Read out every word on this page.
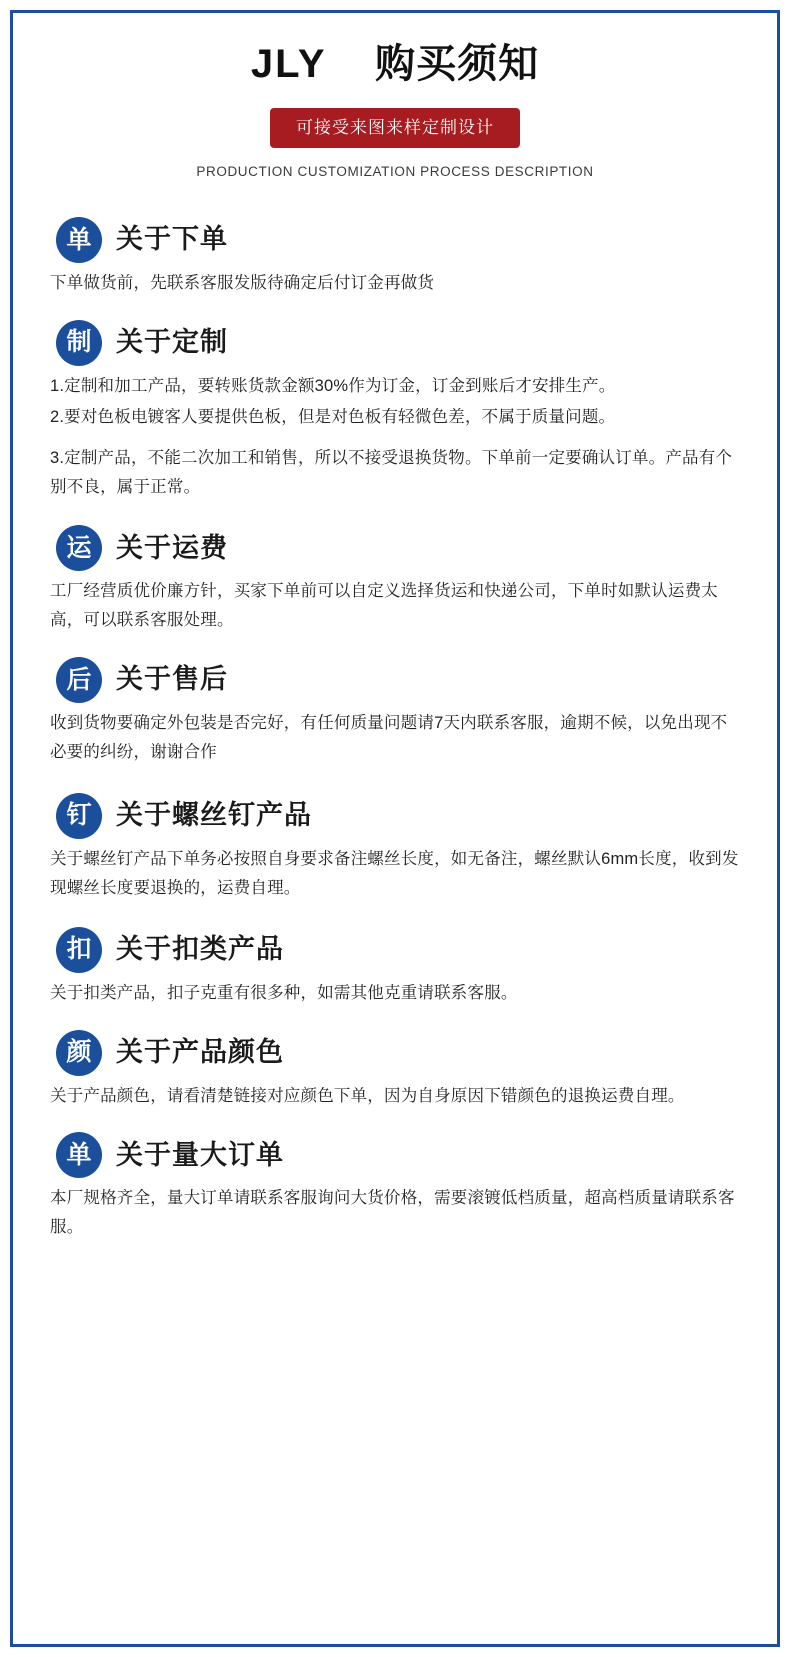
JLY 购买须知
可接受来图来样定制设计
PRODUCTION CUSTOMIZATION PROCESS DESCRIPTION
单 关于下单

下单做货前，先联系客服发版待确定后付订金再做货

制 关于定制

1.定制和加工产品，要转账货款金额30%作为订金，订金到账后才安排生产。

2.要对色板电镀客人要提供色板，但是对色板有轻微色差，不属于质量问题。

3.定制产品，不能二次加工和销售，所以不接受退换货物。下单前一定要确认订单。产品有个别不良，属于正常。

运 关于运费

工厂经营质优价廉方针，买家下单前可以自定义选择货运和快递公司，下单时如默认运费太高，可以联系客服处理。

后 关于售后

收到货物要确定外包装是否完好，有任何质量问题请7天内联系客服，逾期不候，以免出现不必要的纠纷，谢谢合作

钉 关于螺丝钉产品

关于螺丝钉产品下单务必按照自身要求备注螺丝长度，如无备注，螺丝默认6mm长度，收到发现螺丝长度要退换的，运费自理。

扣 关于扣类产品

关于扣类产品，扣子克重有很多种，如需其他克重请联系客服。

颜 关于产品颜色

关于产品颜色，请看清楚链接对应颜色下单，因为自身原因下错颜色的退换运费自理。

单 关于量大订单

本厂规格齐全，量大订单请联系客服询问大货价格，需要滚镀低档质量，超高档质量请联系客服。
